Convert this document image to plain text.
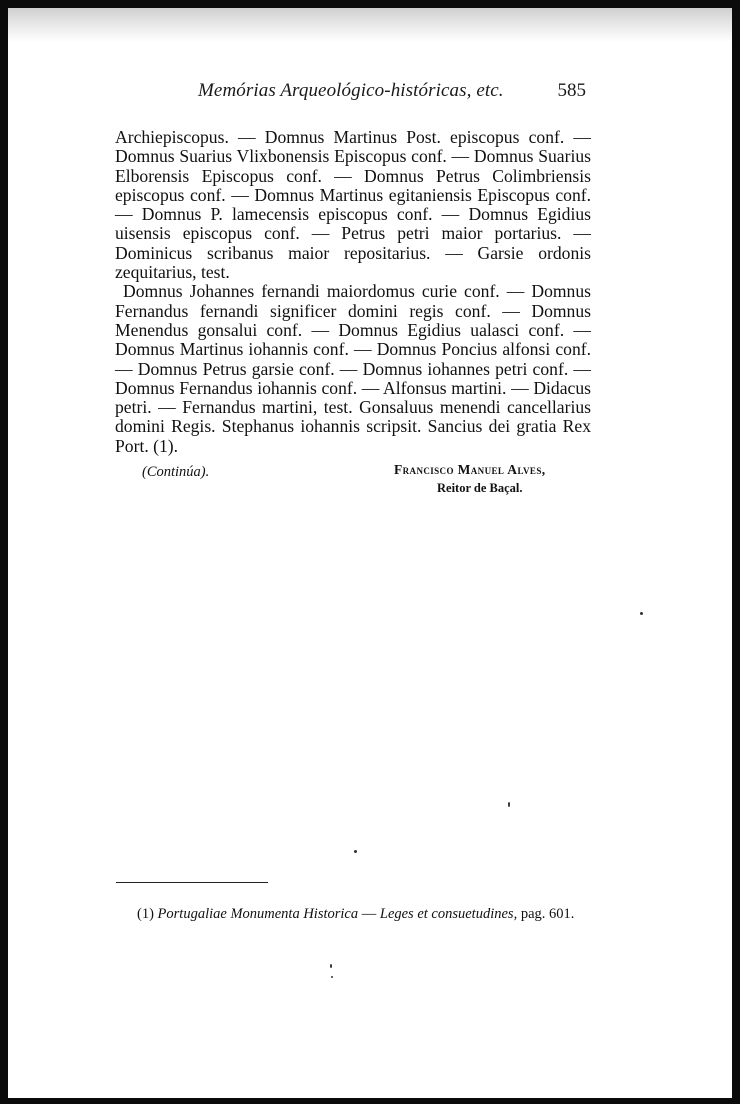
Memórias Arqueológico-históricas, etc.	585

Archiepiscopus. — Domnus Martinus Post. episcopus conf. — Domnus Suarius Vlixbonensis Episcopus conf. — Domnus Suarius Elborensis Episcopus conf. — Domnus Petrus Colimbriensis episcopus conf. — Domnus Martinus egitaniensis Episcopus conf. — Domnus P. lamecensis episcopus conf. — Domnus Egidius uisensis episcopus conf. — Petrus petri maior portarius. — Dominicus scribanus maior repositarius. — Garsie ordonis zequitarius, test.

Domnus Johannes fernandi maiordomus curie conf. — Domnus Fernandus fernandi significer domini regis conf. — Domnus Menendus gonsalui conf. — Domnus Egidius ualasci conf. — Domnus Martinus iohannis conf. — Domnus Poncius alfonsi conf. — Domnus Petrus garsie conf. — Domnus iohannes petri conf. — Domnus Fernandus iohannis conf. — Alfonsus martini. — Didacus petri. — Fernandus martini, test. Gonsaluus menendi cancellarius domini Regis. Stephanus iohannis scripsit. Sancius dei gratia Rex Port. (1).

(Continúa).	Francisco Manuel Alves,
Reitor de Baçal.
(1) Portugaliae Monumenta Historica — Leges et consuetudines, pag. 601.
